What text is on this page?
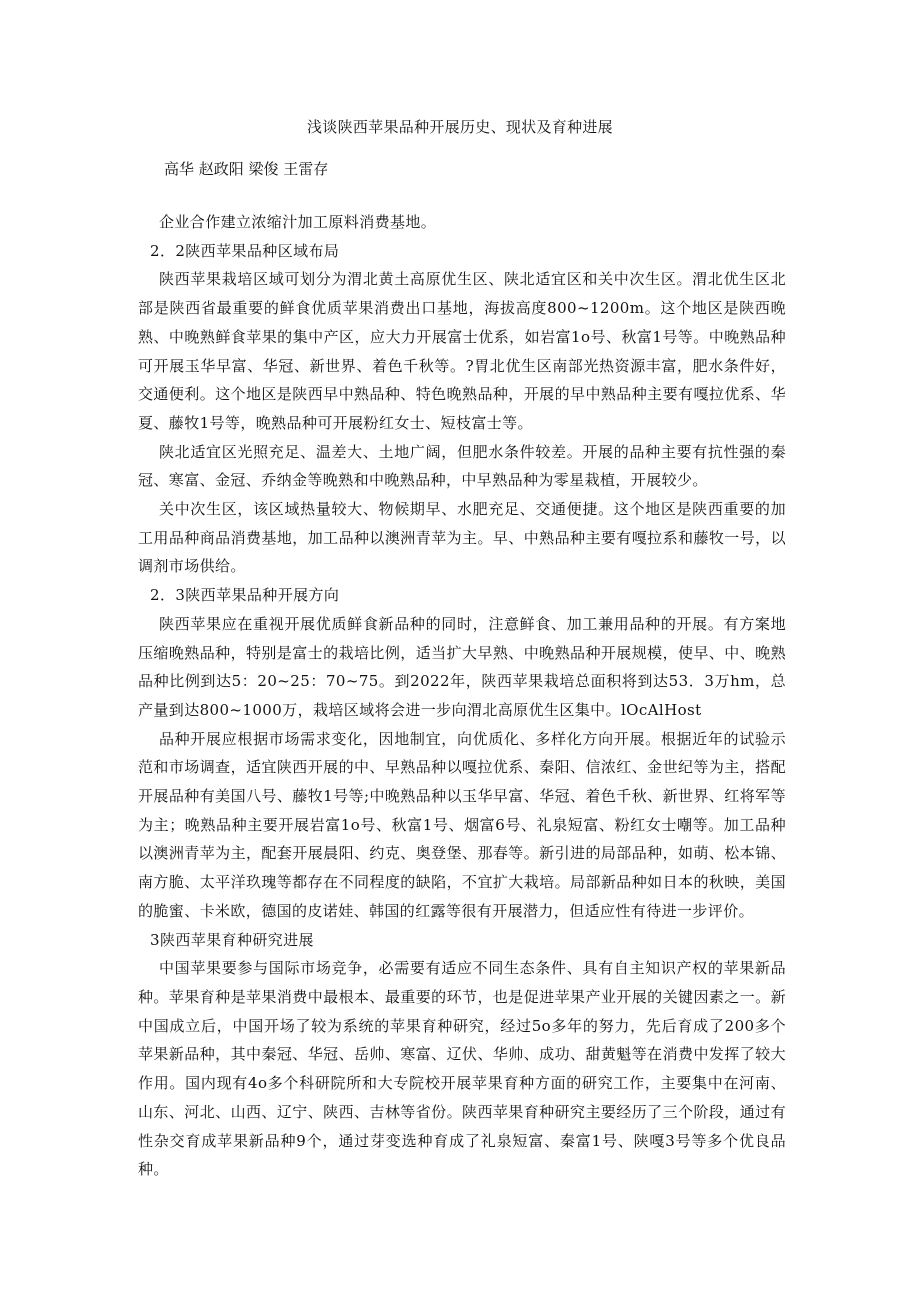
浅谈陕西苹果品种开展历史、现状及育种进展
高华 赵政阳 梁俊 王雷存

企业合作建立浓缩汁加工原料消费基地。

2．2陕西苹果品种区域布局

陕西苹果栽培区域可划分为渭北黄土高原优生区、陕北适宜区和关中次生区。渭北优生区北部是陕西省最重要的鲜食优质苹果消费出口基地，海拔高度800~1200m。这个地区是陕西晚熟、中晚熟鲜食苹果的集中产区，应大力开展富士优系，如岩富1o号、秋富1号等。中晚熟品种可开展玉华早富、华冠、新世界、着色千秋等。?胃北优生区南部光热资源丰富，肥水条件好，交通便利。这个地区是陕西早中熟品种、特色晚熟品种，开展的早中熟品种主要有嘎拉优系、华夏、藤牧1号等，晚熟品种可开展粉红女士、短枝富士等。

陕北适宜区光照充足、温差大、土地广阔，但肥水条件较差。开展的品种主要有抗性强的秦冠、寒富、金冠、乔纳金等晚熟和中晚熟品种，中早熟品种为零星栽植，开展较少。

关中次生区，该区域热量较大、物候期早、水肥充足、交通便捷。这个地区是陕西重要的加工用品种商品消费基地，加工品种以澳洲青苹为主。早、中熟品种主要有嘎拉系和藤牧一号，以调剂市场供给。

2．3陕西苹果品种开展方向

陕西苹果应在重视开展优质鲜食新品种的同时，注意鲜食、加工兼用品种的开展。有方案地压缩晚熟品种，特别是富士的栽培比例，适当扩大早熟、中晚熟品种开展规模，使早、中、晚熟品种比例到达5：20~25：70~75。到2022年，陕西苹果栽培总面积将到达53．3万hm，总产量到达800~1000万，栽培区域将会进一步向渭北高原优生区集中。lOcAlHost

品种开展应根据市场需求变化，因地制宜，向优质化、多样化方向开展。根据近年的试验示范和市场调查，适宜陕西开展的中、早熟品种以嘎拉优系、秦阳、信浓红、金世纪等为主，搭配开展品种有美国八号、藤牧1号等;中晚熟品种以玉华早富、华冠、着色千秋、新世界、红将军等为主；晚熟品种主要开展岩富1o号、秋富1号、烟富6号、礼泉短富、粉红女士嘲等。加工品种以澳洲青苹为主，配套开展晨阳、约克、奥登堡、那春等。新引进的局部品种，如萌、松本锦、南方脆、太平洋玖瑰等都存在不同程度的缺陷，不宜扩大栽培。局部新品种如日本的秋映，美国的脆蜜、卡米欧，德国的皮诺娃、韩国的红露等很有开展潜力，但适应性有待进一步评价。

3陕西苹果育种研究进展

中国苹果要参与国际市场竞争，必需要有适应不同生态条件、具有自主知识产权的苹果新品种。苹果育种是苹果消费中最根本、最重要的环节，也是促进苹果产业开展的关键因素之一。新中国成立后，中国开场了较为系统的苹果育种研究，经过5o多年的努力，先后育成了200多个苹果新品种，其中秦冠、华冠、岳帅、寒富、辽伏、华帅、成功、甜黄魁等在消费中发挥了较大作用。国内现有4o多个科研院所和大专院校开展苹果育种方面的研究工作，主要集中在河南、山东、河北、山西、辽宁、陕西、吉林等省份。陕西苹果育种研究主要经历了三个阶段，通过有性杂交育成苹果新品种9个，通过芽变选种育成了礼泉短富、秦富1号、陕嘎3号等多个优良品种。
